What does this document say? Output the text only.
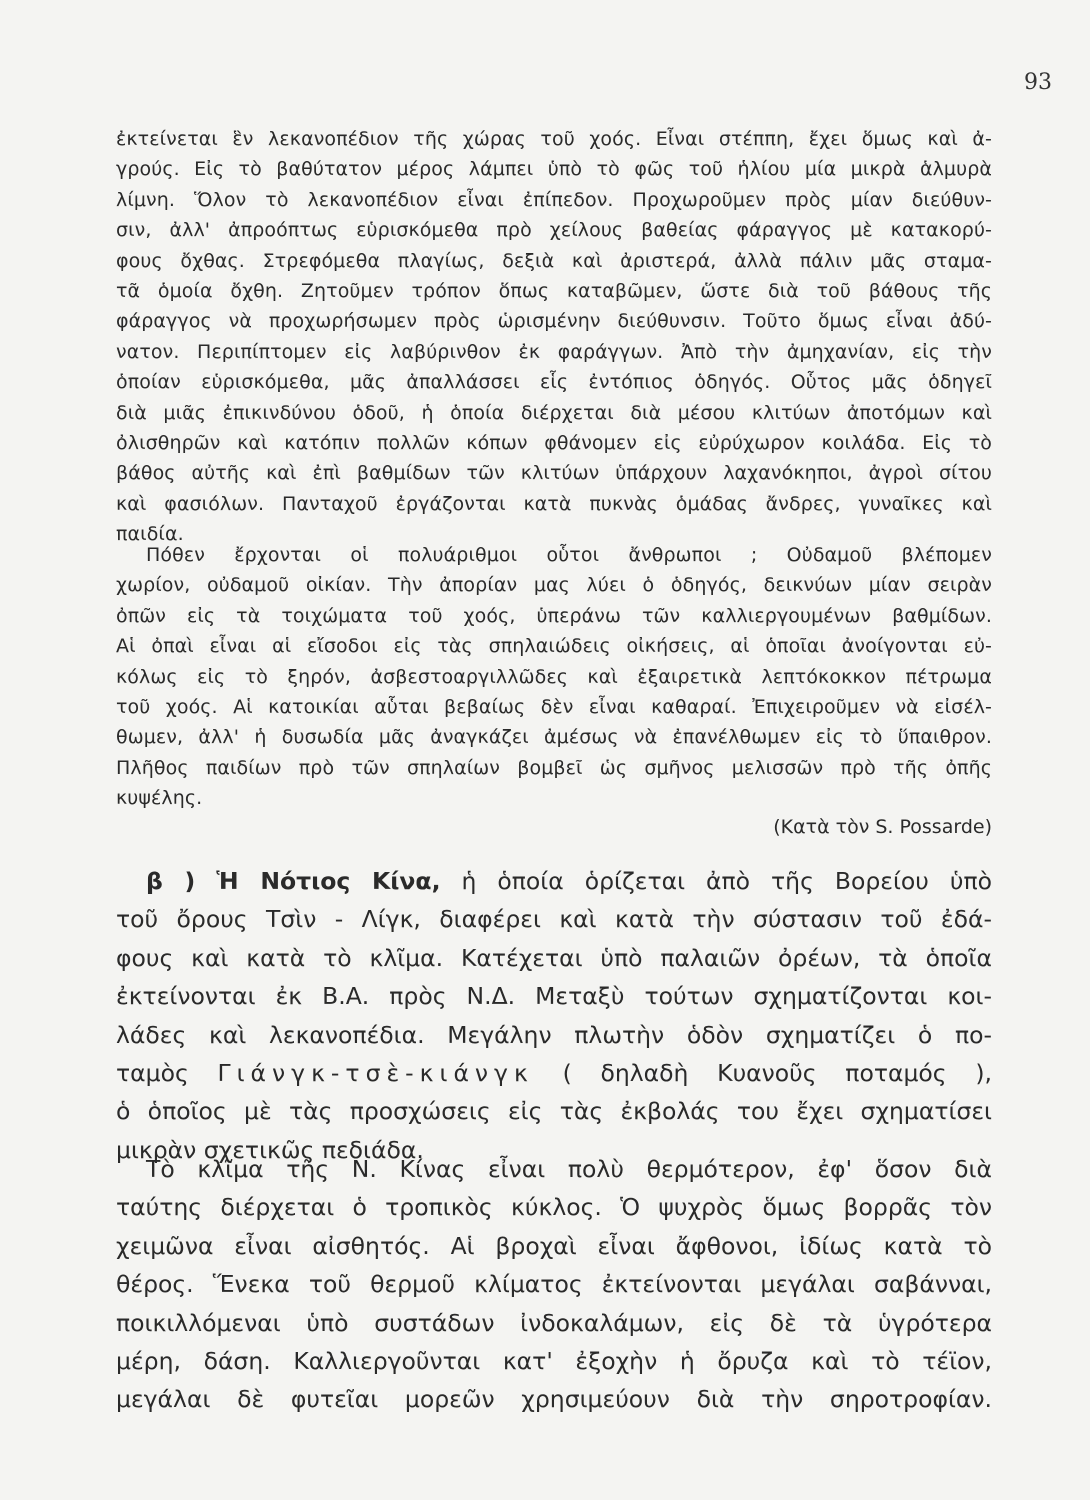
93
ἐκτείνεται ἓν λεκανοπέδιον τῆς χώρας τοῦ χοός. Εἶναι στέππη, ἔχει ὅμως καὶ ἀ-
γρούς. Εἰς τὸ βαθύτατον μέρος λάμπει ὑπὸ τὸ φῶς τοῦ ἡλίου μία μικρὰ ἁλμυρὰ
λίμνη. Ὅλον τὸ λεκανοπέδιον εἶναι ἐπίπεδον. Προχωροῦμεν πρὸς μίαν διεύθυν-
σιν, ἀλλ' ἀπροόπτως εὑρισκόμεθα πρὸ χείλους βαθείας φάραγγος μὲ κατακορύ-
φους ὄχθας. Στρεφόμεθα πλαγίως, δεξιὰ καὶ ἀριστερά, ἀλλὰ πάλιν μᾶς σταμα-
τᾶ ὁμοία ὄχθη. Ζητοῦμεν τρόπον ὅπως καταβῶμεν, ὥστε διὰ τοῦ βάθους τῆς
φάραγγος νὰ προχωρήσωμεν πρὸς ὡρισμένην διεύθυνσιν. Τοῦτο ὅμως εἶναι ἀδύ-
νατον. Περιπίπτομεν εἰς λαβύρινθον ἐκ φαράγγων. Ἀπὸ τὴν ἀμηχανίαν, εἰς τὴν
ὁποίαν εὑρισκόμεθα, μᾶς ἀπαλλάσσει εἷς ἐντόπιος ὁδηγός. Οὗτος μᾶς ὁδηγεῖ
διὰ μιᾶς ἐπικινδύνου ὁδοῦ, ἡ ὁποία διέρχεται διὰ μέσου κλιτύων ἀποτόμων καὶ
ὀλισθηρῶν καὶ κατόπιν πολλῶν κόπων φθάνομεν εἰς εὐρύχωρον κοιλάδα. Εἰς τὸ
βάθος αὐτῆς καὶ ἐπὶ βαθμίδων τῶν κλιτύων ὑπάρχουν λαχανόκηποι, ἀγροὶ σίτου
καὶ φασιόλων. Πανταχοῦ ἐργάζονται κατὰ πυκνὰς ὁμάδας ἄνδρες, γυναῖκες καὶ
παιδία.
Πόθεν ἔρχονται οἱ πολυάριθμοι οὗτοι ἄνθρωποι ; Οὐδαμοῦ βλέπομεν
χωρίον, οὐδαμοῦ οἰκίαν. Τὴν ἀπορίαν μας λύει ὁ ὁδηγός, δεικνύων μίαν σειρὰν
ὀπῶν εἰς τὰ τοιχώματα τοῦ χοός, ὑπεράνω τῶν καλλιεργουμένων βαθμίδων.
Αἱ ὀπαὶ εἶναι αἱ εἴσοδοι εἰς τὰς σπηλαιώδεις οἰκήσεις, αἱ ὁποῖαι ἀνοίγονται εὐ-
κόλως εἰς τὸ ξηρόν, ἀσβεστοαργιλλῶδες καὶ ἐξαιρετικὰ λεπτόκοκκον πέτρωμα
τοῦ χοός. Αἱ κατοικίαι αὗται βεβαίως δὲν εἶναι καθαραί. Ἐπιχειροῦμεν νὰ εἰσέλ-
θωμεν, ἀλλ' ἡ δυσωδία μᾶς ἀναγκάζει ἀμέσως νὰ ἐπανέλθωμεν εἰς τὸ ὕπαιθρον.
Πλῆθος παιδίων πρὸ τῶν σπηλαίων βομβεῖ ὡς σμῆνος μελισσῶν πρὸ τῆς ὀπῆς
κυψέλης.
(Κατὰ τὸν S. Possarde)
β ) Ἡ Νότιος Κίνα, ἡ ὁποία ὁρίζεται ἀπὸ τῆς Βορείου ὑπὸ
τοῦ ὄρους Τσὶν - Λίγκ, διαφέρει καὶ κατὰ τὴν σύστασιν τοῦ ἐδά-
φους καὶ κατὰ τὸ κλῖμα. Κατέχεται ὑπὸ παλαιῶν ὀρέων, τὰ ὁποῖα
ἐκτείνονται ἐκ Β.Α. πρὸς Ν.Δ. Μεταξὺ τούτων σχηματίζονται κοι-
λάδες καὶ λεκανοπέδια. Μεγάλην πλωτὴν ὁδὸν σχηματίζει ὁ πο-
ταμὸς Γιάνγκ-τσὲ-κιάνγκ ( δηλαδὴ Κυανοῦς ποταμός ),
ὁ ὁποῖος μὲ τὰς προσχώσεις εἰς τὰς ἐκβολάς του ἔχει σχηματίσει
μικρὰν σχετικῶς πεδιάδα.
Τὸ κλῖμα τῆς Ν. Κίνας εἶναι πολὺ θερμότερον, ἐφ' ὅσον διὰ
ταύτης διέρχεται ὁ τροπικὸς κύκλος. Ὁ ψυχρὸς ὅμως βορρᾶς τὸν
χειμῶνα εἶναι αἰσθητός. Αἱ βροχαὶ εἶναι ἄφθονοι, ἰδίως κατὰ τὸ
θέρος. Ἕνεκα τοῦ θερμοῦ κλίματος ἐκτείνονται μεγάλαι σαβάνναι,
ποικιλλόμεναι ὑπὸ συστάδων ἰνδοκαλάμων, εἰς δὲ τὰ ὑγρότερα
μέρη, δάση. Καλλιεργοῦνται κατ' ἐξοχὴν ἡ ὄρυζα καὶ τὸ τέϊον,
μεγάλαι δὲ φυτεῖαι μορεῶν χρησιμεύουν διὰ τὴν σηροτροφίαν.
